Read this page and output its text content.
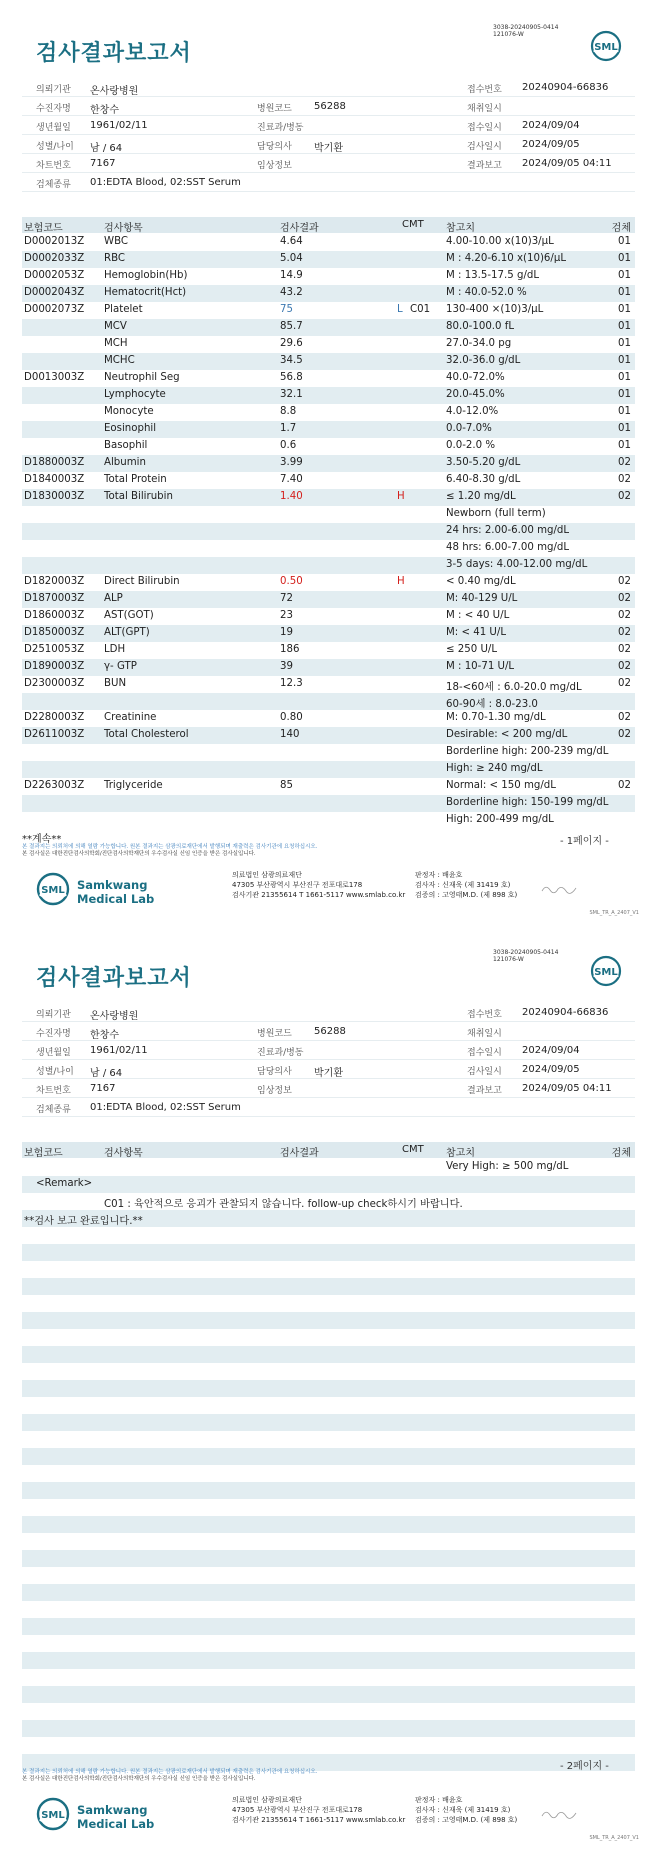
3038-20240905-0414
121076-W
검사결과보고서	SML
의뢰기관 온사랑병원	접수번호 20240904-66836
수진자명 한창수	병원코드 56288	채취일시
생년월일 1961/02/11	진료과/병동	접수일시 2024/09/04
성별/나이 남 / 64	담당의사 박기환	검사일시 2024/09/05
차트번호 7167	임상정보	결과보고 2024/09/05 04:11
검체종류 01:EDTA Blood, 02:SST Serum
보험코드	검사항목	검사결과	CMT 참고치	검체
D0002013Z WBC	4.64	4.00-10.00 x(10)3/μL	01
D0002033Z RBC	5.04	M : 4.20-6.10 x(10)6/μL	01
D0002053Z Hemoglobin(Hb)	14.9	M : 13.5-17.5 g/dL	01
D0002043Z Hematocrit(Hct)	43.2	M : 40.0-52.0 %	01
D0002073Z Platelet	75	L C01 130-400 ×(10)3/μL	01
MCV	85.7	80.0-100.0 fL	01
MCH	29.6	27.0-34.0 pg	01
MCHC	34.5	32.0-36.0 g/dL	01
D0013003Z Neutrophil Seg	56.8	40.0-72.0%	01
Lymphocyte	32.1	20.0-45.0%	01
Monocyte	8.8	4.0-12.0%	01
Eosinophil	1.7	0.0-7.0%	01
Basophil	0.6	0.0-2.0 %	01
D1880003Z Albumin	3.99	3.50-5.20 g/dL	02
D1840003Z Total Protein	7.40	6.40-8.30 g/dL	02
D1830003Z Total Bilirubin	1.40	H	≤ 1.20 mg/dL	02
Newborn (full term)
24 hrs: 2.00-6.00 mg/dL
48 hrs: 6.00-7.00 mg/dL
3-5 days: 4.00-12.00 mg/dL
D1820003Z Direct Bilirubin	0.50	H	< 0.40 mg/dL	02
D1870003Z ALP	72	M: 40-129 U/L	02
D1860003Z AST(GOT)	23	M : < 40 U/L	02
D1850003Z ALT(GPT)	19	M: < 41 U/L	02
D2510053Z LDH	186	≤ 250 U/L	02
D1890003Z γ- GTP	39	M : 10-71 U/L	02
D2300003Z BUN	12.3	18-<60세 : 6.0-20.0 mg/dL	02
60-90세 : 8.0-23.0
D2280003Z Creatinine	0.80	M: 0.70-1.30 mg/dL	02
D2611003Z Total Cholesterol	140	Desirable: < 200 mg/dL	02
Borderline high: 200-239 mg/dL
High: ≥ 240 mg/dL
D2263003Z Triglyceride	85	Normal: < 150 mg/dL	02
Borderline high: 150-199 mg/dL
High: 200-499 mg/dL
**계속**	- 1페이지 -
본 결과지는 의뢰처에 의해 열람 가능합니다. 원본 결과지는 삼광의료재단에서 발행되며 재출력은 검사기관에 요청하십시오.
본 검사실은 대한진단검사의학회/진단검사의학재단의 우수검사실 신임 인증을 받은 검사실입니다.
SML Samkwang
Medical Lab
의료법인 삼광의료재단
47305 부산광역시 부산진구 전포대로178
검사기관 21355614 T 1661-5117 www.smlab.co.kr
판정자 : 배윤호
검사자 : 신재욱 (제 31419 호)
검증의 : 고영태M.D. (제 898 호)
SML_TR_A_2407_V1
3038-20240905-0414
121076-W
검사결과보고서	SML
의뢰기관 온사랑병원	접수번호 20240904-66836
수진자명 한창수	병원코드 56288	채취일시
생년월일 1961/02/11	진료과/병동	접수일시 2024/09/04
성별/나이 남 / 64	담당의사 박기환	검사일시 2024/09/05
차트번호 7167	임상정보	결과보고 2024/09/05 04:11
검체종류 01:EDTA Blood, 02:SST Serum
보험코드	검사항목	검사결과	CMT 참고치	검체
Very High: ≥ 500 mg/dL
<Remark>
C01 : 육안적으로 응괴가 관찰되지 않습니다. follow-up check하시기 바랍니다.
**검사 보고 완료입니다.**
- 2페이지 -
본 결과지는 의뢰처에 의해 열람 가능합니다. 원본 결과지는 삼광의료재단에서 발행되며 재출력은 검사기관에 요청하십시오.
본 검사실은 대한진단검사의학회/진단검사의학재단의 우수검사실 신임 인증을 받은 검사실입니다.
SML Samkwang
Medical Lab
의료법인 삼광의료재단
47305 부산광역시 부산진구 전포대로178
검사기관 21355614 T 1661-5117 www.smlab.co.kr
판정자 : 배윤호
검사자 : 신재욱 (제 31419 호)
검증의 : 고영태M.D. (제 898 호)
SML_TR_A_2407_V1
